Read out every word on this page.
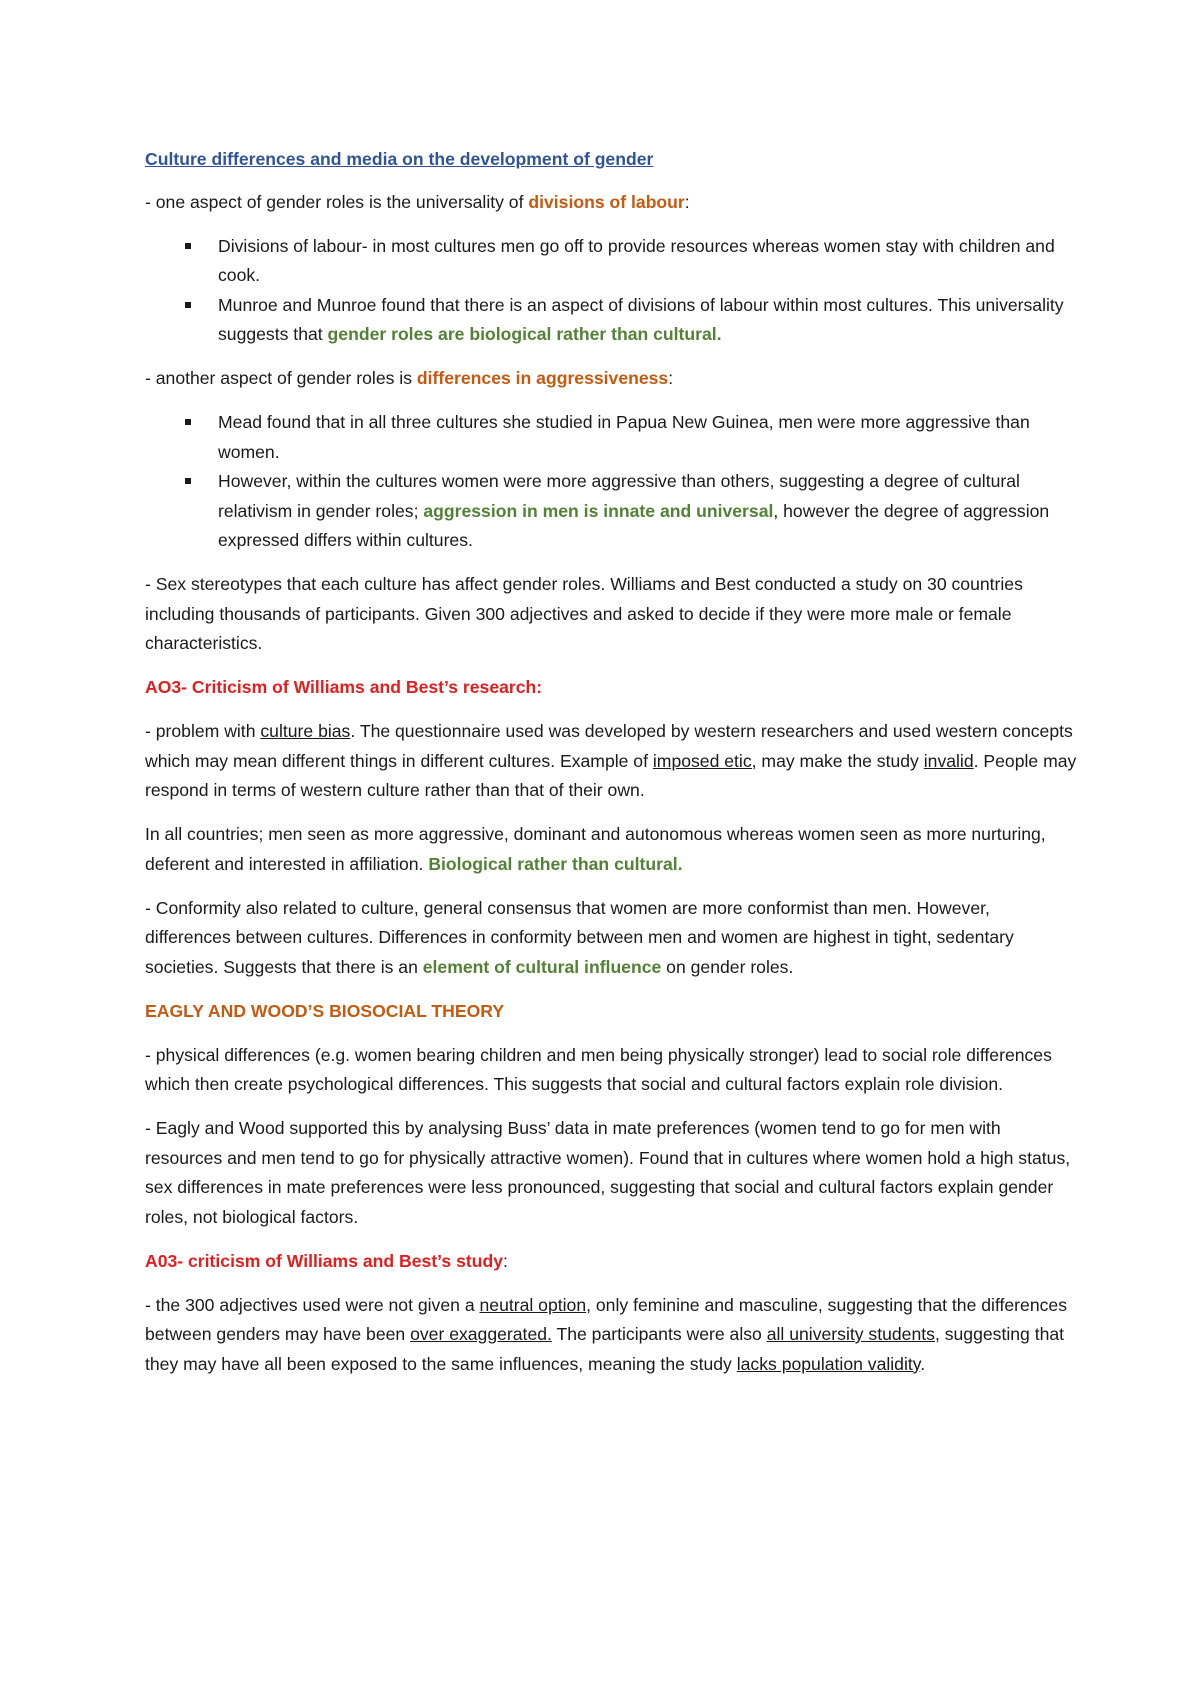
Culture differences and media on the development of gender

- one aspect of gender roles is the universality of divisions of labour:

Divisions of labour- in most cultures men go off to provide resources whereas women stay with children and cook.
Munroe and Munroe found that there is an aspect of divisions of labour within most cultures. This universality suggests that gender roles are biological rather than cultural.

- another aspect of gender roles is differences in aggressiveness:

Mead found that in all three cultures she studied in Papua New Guinea, men were more aggressive than women.
However, within the cultures women were more aggressive than others, suggesting a degree of cultural relativism in gender roles; aggression in men is innate and universal, however the degree of aggression expressed differs within cultures.

- Sex stereotypes that each culture has affect gender roles. Williams and Best conducted a study on 30 countries including thousands of participants. Given 300 adjectives and asked to decide if they were more male or female characteristics.

AO3- Criticism of Williams and Best’s research:

- problem with culture bias. The questionnaire used was developed by western researchers and used western concepts which may mean different things in different cultures. Example of imposed etic, may make the study invalid. People may respond in terms of western culture rather than that of their own.

In all countries; men seen as more aggressive, dominant and autonomous whereas women seen as more nurturing, deferent and interested in affiliation. Biological rather than cultural.

- Conformity also related to culture, general consensus that women are more conformist than men. However, differences between cultures. Differences in conformity between men and women are highest in tight, sedentary societies. Suggests that there is an element of cultural influence on gender roles.

EAGLY AND WOOD’S BIOSOCIAL THEORY

- physical differences (e.g. women bearing children and men being physically stronger) lead to social role differences which then create psychological differences. This suggests that social and cultural factors explain role division.

- Eagly and Wood supported this by analysing Buss’ data in mate preferences (women tend to go for men with resources and men tend to go for physically attractive women). Found that in cultures where women hold a high status, sex differences in mate preferences were less pronounced, suggesting that social and cultural factors explain gender roles, not biological factors.

A03- criticism of Williams and Best’s study:

- the 300 adjectives used were not given a neutral option, only feminine and masculine, suggesting that the differences between genders may have been over exaggerated. The participants were also all university students, suggesting that they may have all been exposed to the same influences, meaning the study lacks population validity.
